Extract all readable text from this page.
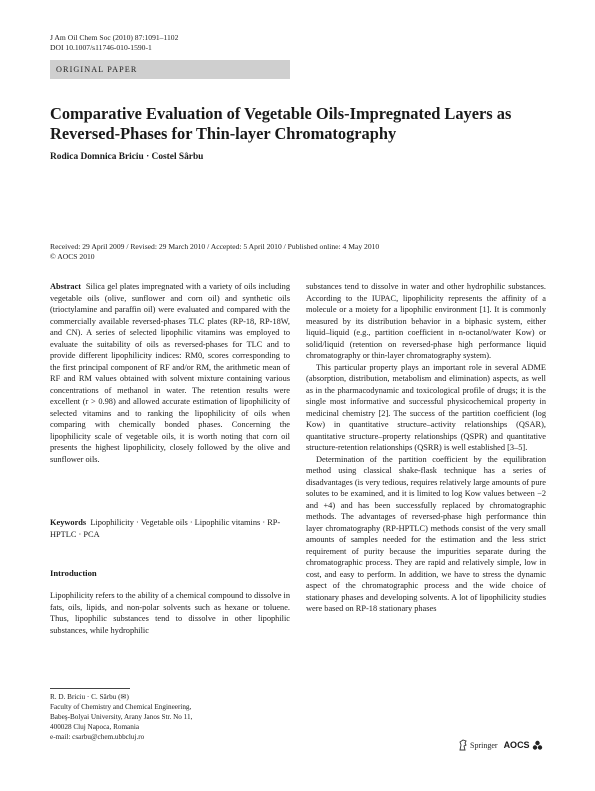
J Am Oil Chem Soc (2010) 87:1091–1102
DOI 10.1007/s11746-010-1590-1
ORIGINAL PAPER
Comparative Evaluation of Vegetable Oils-Impregnated Layers as Reversed-Phases for Thin-layer Chromatography
Rodica Domnica Briciu · Costel Sârbu
Received: 29 April 2009 / Revised: 29 March 2010 / Accepted: 5 April 2010 / Published online: 4 May 2010
© AOCS 2010

Abstract Silica gel plates impregnated with a variety of oils including vegetable oils (olive, sunflower and corn oil) and synthetic oils (trioctylamine and paraffin oil) were evaluated and compared with the commercially available reversed-phases TLC plates (RP-18, RP-18W, and CN). A series of selected lipophilic vitamins was employed to evaluate the suitability of oils as reversed-phases for TLC and to provide different lipophilicity indices: RM0, scores corresponding to the first principal component of RF and/or RM, the arithmetic mean of RF and RM values obtained with solvent mixture containing various concentrations of methanol in water. The retention results were excellent (r > 0.98) and allowed accurate estimation of lipophilicity of selected vitamins and to ranking the lipophilicity of oils when comparing with chemically bonded phases. Concerning the lipophilicity scale of vegetable oils, it is worth noting that corn oil presents the highest lipophilicity, closely followed by the olive and sunflower oils.

Keywords Lipophilicity · Vegetable oils · Lipophilic vitamins · RP-HPTLC · PCA
Introduction
Lipophilicity refers to the ability of a chemical compound to dissolve in fats, oils, lipids, and non-polar solvents such as hexane or toluene. Thus, lipophilic substances tend to dissolve in other lipophilic substances, while hydrophilic
R. D. Briciu · C. Sârbu (✉)
Faculty of Chemistry and Chemical Engineering,
Babeş-Bolyai University, Arany Janos Str. No 11,
400028 Cluj Napoca, Romania
e-mail: csarbu@chem.ubbcluj.ro

substances tend to dissolve in water and other hydrophilic substances. According to the IUPAC, lipophilicity represents the affinity of a molecule or a moiety for a lipophilic environment [1]. It is commonly measured by its distribution behavior in a biphasic system, either liquid–liquid (e.g., partition coefficient in n-octanol/water Kow) or solid/liquid (retention on reversed-phase high performance liquid chromatography or thin-layer chromatography system).

This particular property plays an important role in several ADME (absorption, distribution, metabolism and elimination) aspects, as well as in the pharmacodynamic and toxicological profile of drugs; it is the single most informative and successful physicochemical property in medicinal chemistry [2]. The success of the partition coefficient (log Kow) in quantitative structure–activity relationships (QSAR), quantitative structure–property relationships (QSPR) and quantitative structure-retention relationships (QSRR) is well established [3–5].

Determination of the partition coefficient by the equilibration method using classical shake-flask technique has a series of disadvantages (is very tedious, requires relatively large amounts of pure solutes to be examined, and it is limited to log Kow values between −2 and +4) and has been successfully replaced by chromatographic methods. The advantages of reversed-phase high performance thin layer chromatography (RP-HPTLC) methods consist of the very small amounts of samples needed for the estimation and the less strict requirement of purity because the impurities separate during the chromatographic process. They are rapid and relatively simple, low in cost, and easy to perform. In addition, we have to stress the dynamic aspect of the chromatographic process and the wide choice of stationary phases and developing solvents. A lot of lipophilicity studies were based on RP-18 stationary phases

Springer AOCS
